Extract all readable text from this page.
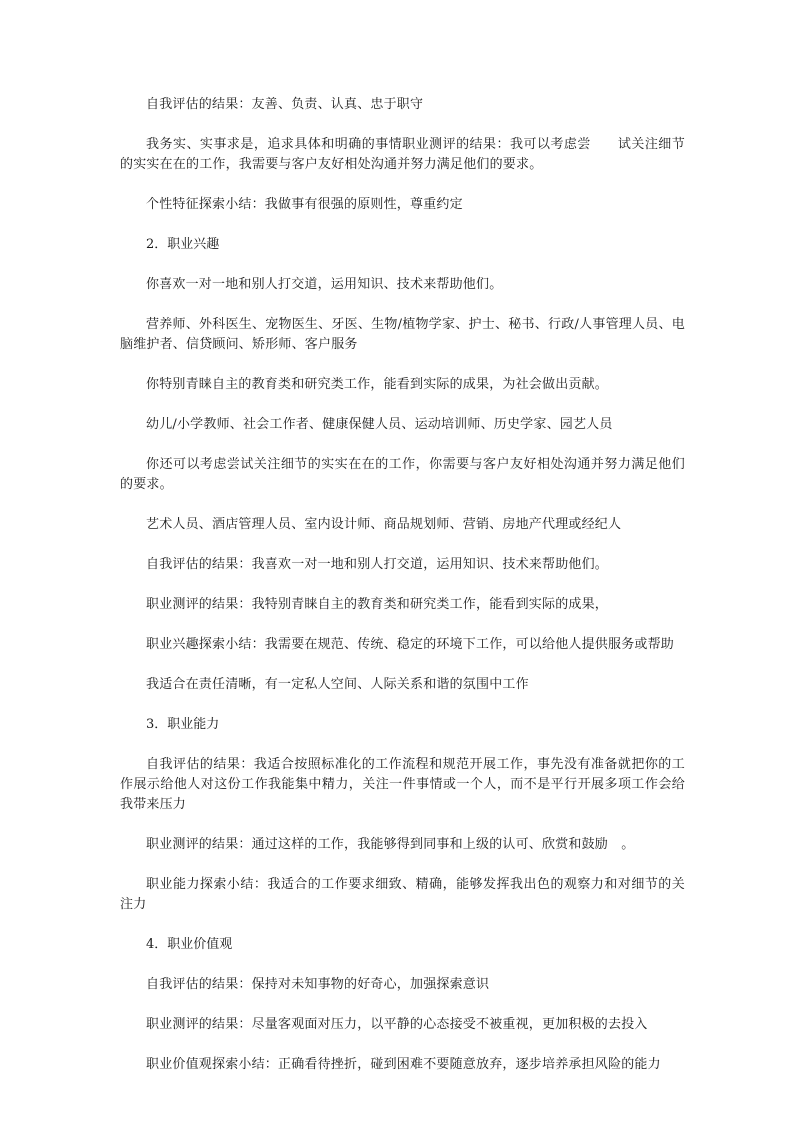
自我评估的结果：友善、负责、认真、忠于职守

我务实、实事求是，追求具体和明确的事情职业测评的结果：我可以考虑尝　　试关注细节的实实在在的工作，我需要与客户友好相处沟通并努力满足他们的要求。

个性特征探索小结：我做事有很强的原则性，尊重约定

2．职业兴趣

你喜欢一对一地和别人打交道，运用知识、技术来帮助他们。

营养师、外科医生、宠物医生、牙医、生物/植物学家、护士、秘书、行政/人事管理人员、电脑维护者、信贷顾问、矫形师、客户服务

你特别青睐自主的教育类和研究类工作，能看到实际的成果，为社会做出贡献。

幼儿/小学教师、社会工作者、健康保健人员、运动培训师、历史学家、园艺人员

你还可以考虑尝试关注细节的实实在在的工作，你需要与客户友好相处沟通并努力满足他们的要求。

艺术人员、酒店管理人员、室内设计师、商品规划师、营销、房地产代理或经纪人

自我评估的结果：我喜欢一对一地和别人打交道，运用知识、技术来帮助他们。

职业测评的结果：我特别青睐自主的教育类和研究类工作，能看到实际的成果，

职业兴趣探索小结：我需要在规范、传统、稳定的环境下工作，可以给他人提供服务或帮助

我适合在责任清晰，有一定私人空间、人际关系和谐的氛围中工作

3．职业能力

自我评估的结果：我适合按照标准化的工作流程和规范开展工作，事先没有准备就把你的工作展示给他人对这份工作我能集中精力，关注一件事情或一个人，而不是平行开展多项工作会给我带来压力

职业测评的结果：通过这样的工作，我能够得到同事和上级的认可、欣赏和鼓励　。

职业能力探索小结：我适合的工作要求细致、精确，能够发挥我出色的观察力和对细节的关注力

4．职业价值观

自我评估的结果：保持对未知事物的好奇心，加强探索意识

职业测评的结果：尽量客观面对压力，以平静的心态接受不被重视，更加积极的去投入

职业价值观探索小结：正确看待挫折，碰到困难不要随意放弃，逐步培养承担风险的能力
